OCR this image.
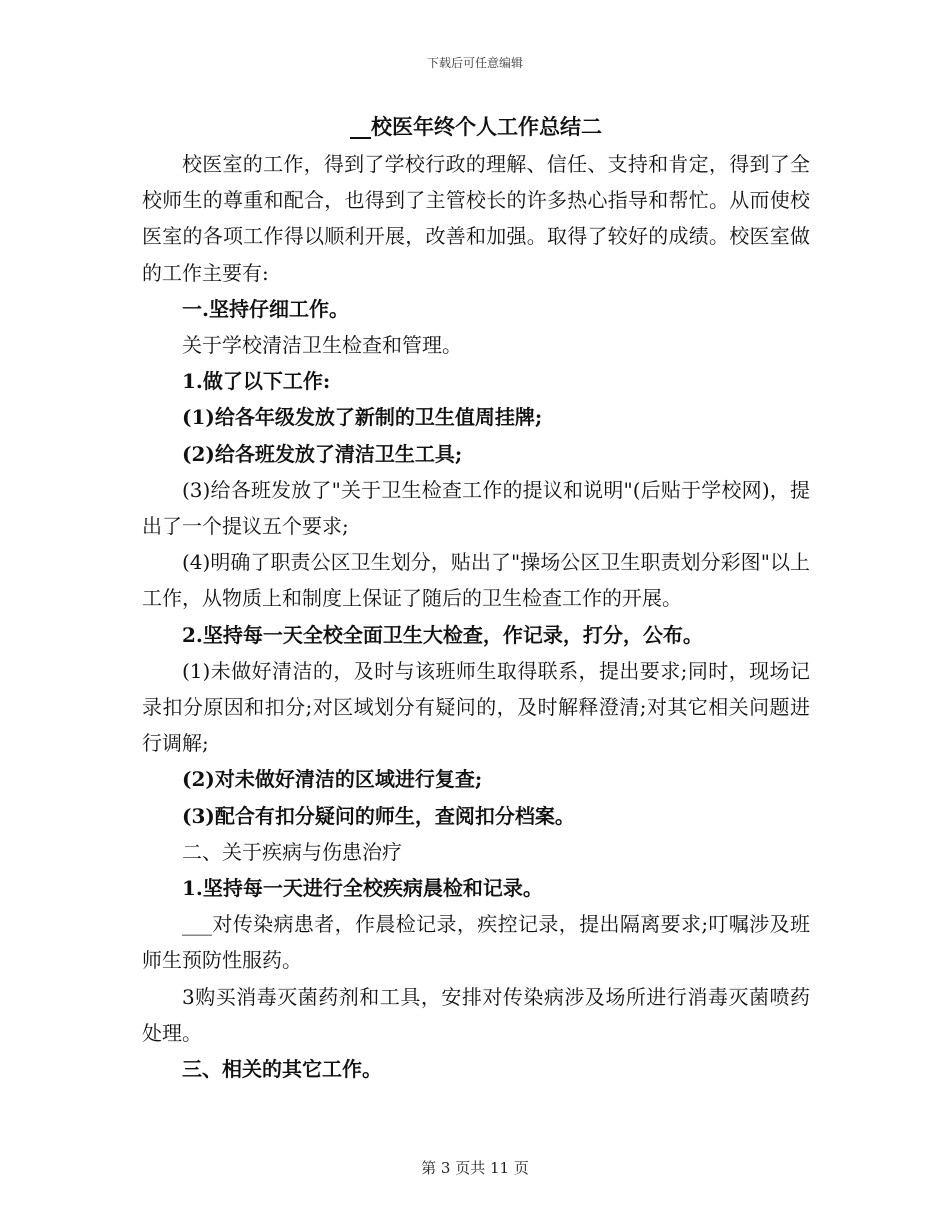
下载后可任意编辑
__校医年终个人工作总结二

校医室的工作，得到了学校行政的理解、信任、支持和肯定，得到了全校师生的尊重和配合，也得到了主管校长的许多热心指导和帮忙。从而使校医室的各项工作得以顺利开展，改善和加强。取得了较好的成绩。校医室做的工作主要有:

一.坚持仔细工作。

关于学校清洁卫生检查和管理。

1.做了以下工作:

(1)给各年级发放了新制的卫生值周挂牌;

(2)给各班发放了清洁卫生工具;

(3)给各班发放了"关于卫生检查工作的提议和说明"(后贴于学校网)，提出了一个提议五个要求;

(4)明确了职责公区卫生划分，贴出了"操场公区卫生职责划分彩图"以上工作，从物质上和制度上保证了随后的卫生检查工作的开展。

2.坚持每一天全校全面卫生大检查，作记录，打分，公布。

(1)未做好清洁的，及时与该班师生取得联系，提出要求;同时，现场记录扣分原因和扣分;对区域划分有疑问的，及时解释澄清;对其它相关问题进行调解;

(2)对未做好清洁的区域进行复查;

(3)配合有扣分疑问的师生，查阅扣分档案。

二、关于疾病与伤患治疗

1.坚持每一天进行全校疾病晨检和记录。

___对传染病患者，作晨检记录，疾控记录，提出隔离要求;叮嘱涉及班师生预防性服药。

3购买消毒灭菌药剂和工具，安排对传染病涉及场所进行消毒灭菌喷药处理。

三、相关的其它工作。

第 3 页共 11 页
